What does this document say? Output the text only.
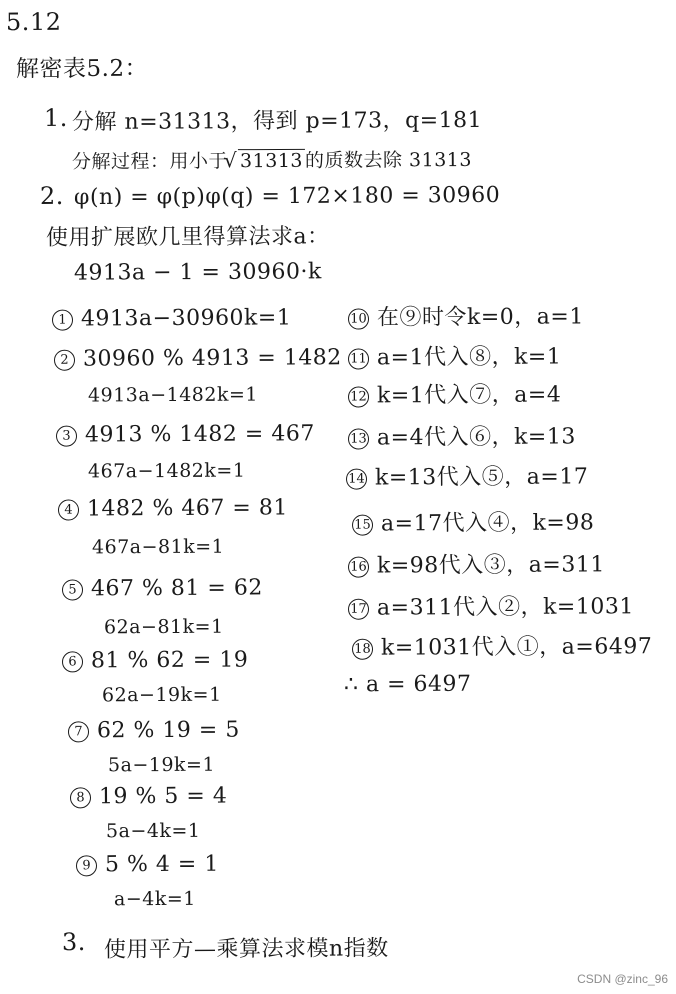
5.12
解密表5.2：
1. 分解 n=31313，得到 p=173，q=181
分解过程：用小于√ 31313的质数去除 31313
2. φ(n) = φ(p)φ(q) = 172×180 = 30960
使用扩展欧几里得算法求a：
4913a − 1 = 30960·k
1 4913a−30960k=1
2 30960 % 4913 = 1482
4913a−1482k=1
3 4913 % 1482 = 467
467a−1482k=1
4 1482 % 467 = 81
467a−81k=1
5 467 % 81 = 62
62a−81k=1
6 81 % 62 = 19
62a−19k=1
7 62 % 19 = 5
5a−19k=1
8 19 % 5 = 4
5a−4k=1
9 5 % 4 = 1
a−4k=1
10 在⑨时令k=0，a=1
11 a=1代入⑧，k=1
12 k=1代入⑦，a=4
13 a=4代入⑥，k=13
14 k=13代入⑤，a=17
15 a=17代入④，k=98
16 k=98代入③，a=311
17 a=311代入②，k=1031
18 k=1031代入①，a=6497
∴ a = 6497
3. 使用平方—乘算法求模n指数
CSDN @zinc_96
